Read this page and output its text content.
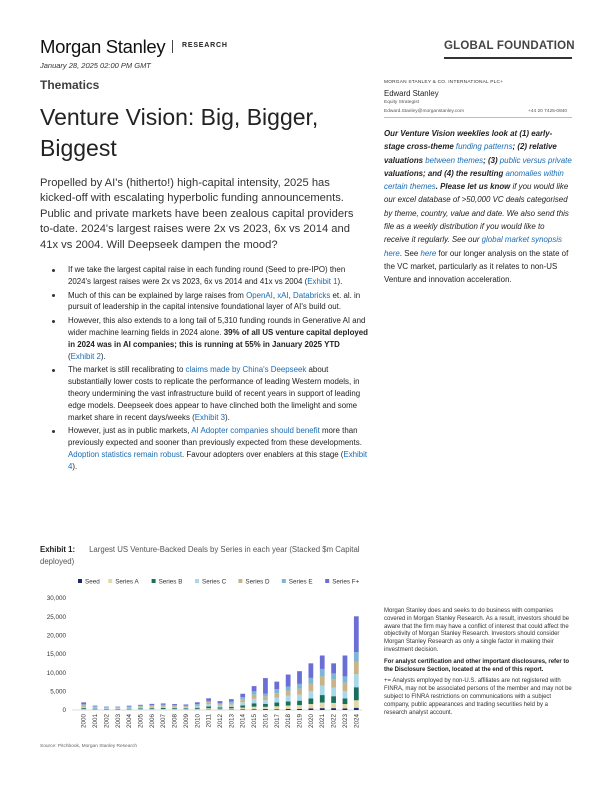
Morgan Stanley RESEARCH	GLOBAL FOUNDATION
January 28, 2025 02:00 PM GMT
Thematics
Venture Vision: Big, Bigger, Biggest

Propelled by AI's (hitherto!) high-capital intensity, 2025 has kicked-off with escalating hyperbolic funding announcements. Public and private markets have been zealous capital providers to-date. 2024's largest raises were 2x vs 2023, 6x vs 2014 and 41x vs 2004. Will Deepseek dampen the mood?

If we take the largest capital raise in each funding round (Seed to pre-IPO) then 2024's largest raises were 2x vs 2023, 6x vs 2014 and 41x vs 2004 (Exhibit 1).
Much of this can be explained by large raises from OpenAI, xAI, Databricks et. al. in pursuit of leadership in the capital intensive foundational layer of AI's build out.
However, this also extends to a long tail of 5,310 funding rounds in Generative AI and wider machine learning fields in 2024 alone. 39% of all US venture capital deployed in 2024 was in AI companies; this is running at 55% in January 2025 YTD (Exhibit 2).
The market is still recalibrating to claims made by China's Deepseek about substantially lower costs to replicate the performance of leading Western models, in theory undermining the vast infrastructure build of recent years in support of leading edge models. Deepseek does appear to have clinched both the limelight and some market share in recent days/weeks (Exhibit 3).
However, just as in public markets, AI Adopter companies should benefit more than previously expected and sooner than previously expected from these developments. Adoption statistics remain robust. Favour adopters over enablers at this stage (Exhibit 4).
MORGAN STANLEY & CO. INTERNATIONAL PLC+
Edward Stanley
Equity Strategist
Edward.Stanley@morganstanley.com	+44 20 7425-0840

Our Venture Vision weeklies look at (1) early-stage cross-theme funding patterns; (2) relative valuations between themes; (3) public versus private valuations; and (4) the resulting anomalies within certain themes. Please let us know if you would like our excel database of >50,000 VC deals categorised by theme, country, value and date. We also send this file as a weekly distribution if you would like to receive it regularly. See our global market synopsis here. See here for our longer analysis on the state of the VC market, particularly as it relates to non-US Venture and innovation acceleration.

Exhibit 1: Largest US Venture-Backed Deals by Series in each year (Stacked $m Capital deployed)
Seed Series A	Series B	Series C	Series D	Series E	Series F+
0
5,000
10,000
15,000
20,000
25,000
30,000
2000 2001 2002 2003 2004 2005 2006 2007 2008 2009 2010 2011 2012 2013 2014 2015 2016 2017 2018 2019 2020 2021 2022 2023 2024
Source: Pitchbook, Morgan Stanley Research

Morgan Stanley does and seeks to do business with companies covered in Morgan Stanley Research. As a result, investors should be aware that the firm may have a conflict of interest that could affect the objectivity of Morgan Stanley Research. Investors should consider Morgan Stanley Research as only a single factor in making their investment decision.

For analyst certification and other important disclosures, refer to the Disclosure Section, located at the end of this report.

+= Analysts employed by non-U.S. affiliates are not registered with FINRA, may not be associated persons of the member and may not be subject to FINRA restrictions on communications with a subject company, public appearances and trading securities held by a research analyst account.
